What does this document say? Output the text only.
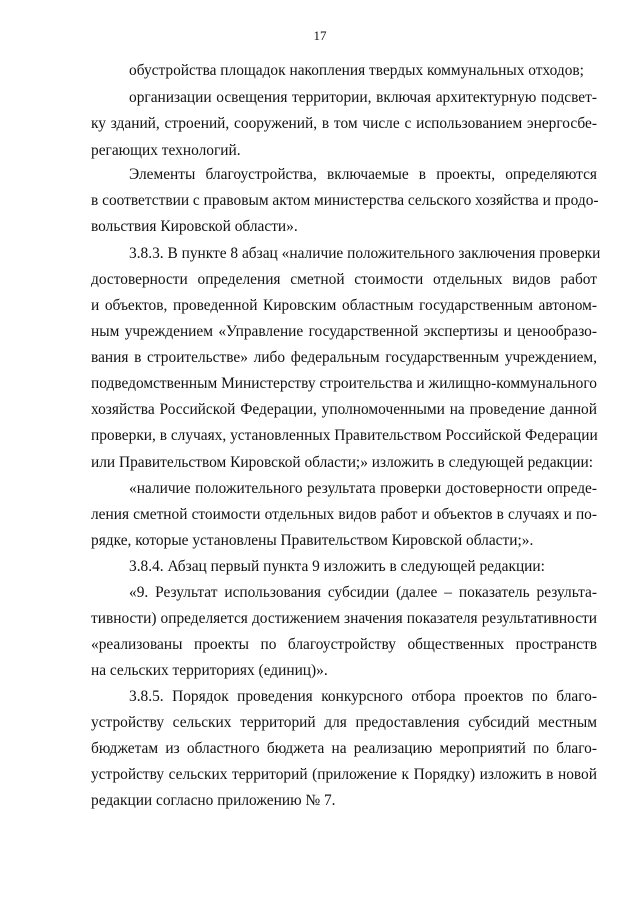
17
обустройства площадок накопления твердых коммунальных отходов;
организации освещения территории, включая архитектурную подсвет-
ку зданий, строений, сооружений, в том числе с использованием энергосбе-
регающих технологий.
Элементы благоустройства, включаемые в проекты, определяются
в соответствии с правовым актом министерства сельского хозяйства и продо-
вольствия Кировской области».
3.8.3. В пункте 8 абзац «наличие положительного заключения проверки
достоверности определения сметной стоимости отдельных видов работ
и объектов, проведенной Кировским областным государственным автоном-
ным учреждением «Управление государственной экспертизы и ценообразо-
вания в строительстве» либо федеральным государственным учреждением,
подведомственным Министерству строительства и жилищно-коммунального
хозяйства Российской Федерации, уполномоченными на проведение данной
проверки, в случаях, установленных Правительством Российской Федерации
или Правительством Кировской области;» изложить в следующей редакции:
«наличие положительного результата проверки достоверности опреде-
ления сметной стоимости отдельных видов работ и объектов в случаях и по-
рядке, которые установлены Правительством Кировской области;».
3.8.4. Абзац первый пункта 9 изложить в следующей редакции:
«9. Результат использования субсидии (далее – показатель результа-
тивности) определяется достижением значения показателя результативности
«реализованы проекты по благоустройству общественных пространств
на сельских территориях (единиц)».
3.8.5. Порядок проведения конкурсного отбора проектов по благо-
устройству сельских территорий для предоставления субсидий местным
бюджетам из областного бюджета на реализацию мероприятий по благо-
устройству сельских территорий (приложение к Порядку) изложить в новой
редакции согласно приложению № 7.
